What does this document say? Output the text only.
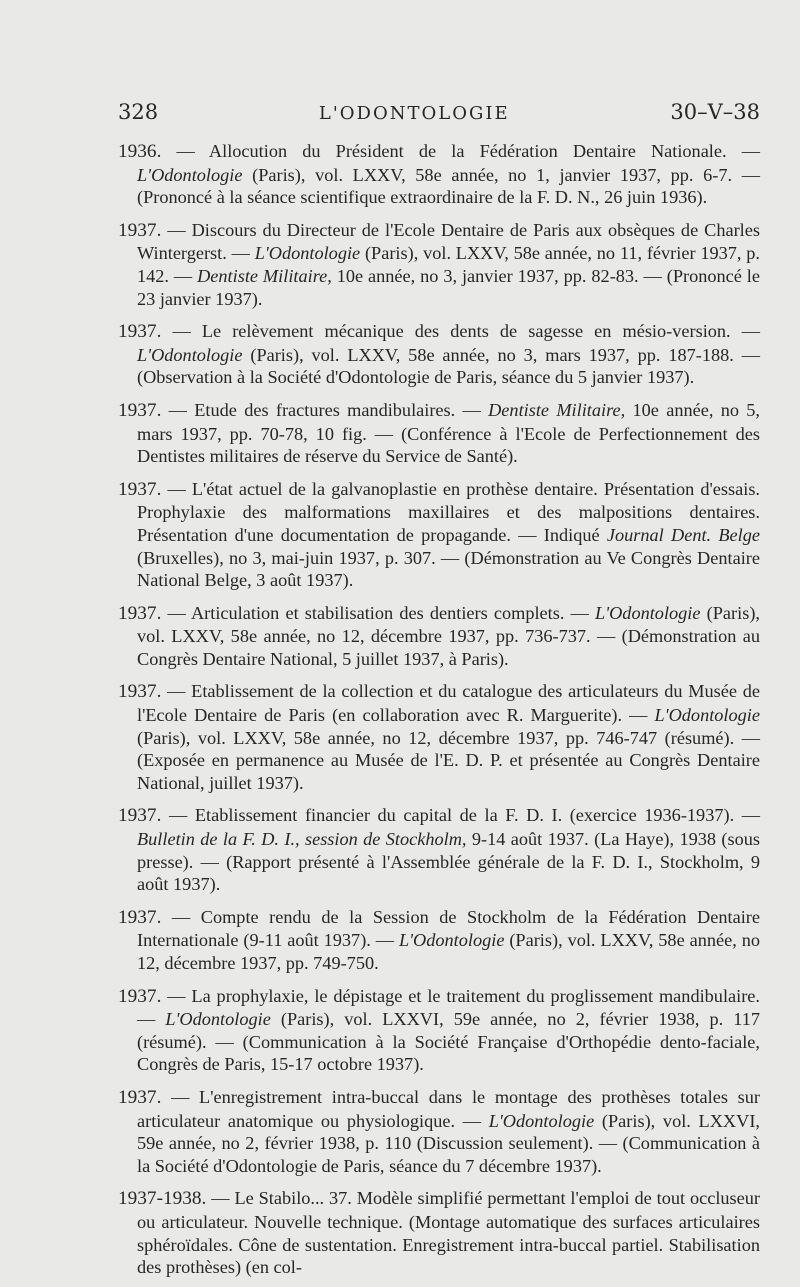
328	L'ODONTOLOGIE	30–V–38

1936. — Allocution du Président de la Fédération Dentaire Nationale. — L'Odontologie (Paris), vol. LXXV, 58e année, no 1, janvier 1937, pp. 6-7. — (Prononcé à la séance scientifique extraordinaire de la F. D. N., 26 juin 1936).

1937. — Discours du Directeur de l'Ecole Dentaire de Paris aux obsèques de Charles Wintergerst. — L'Odontologie (Paris), vol. LXXV, 58e année, no 11, février 1937, p. 142. — Dentiste Militaire, 10e année, no 3, janvier 1937, pp. 82-83. — (Prononcé le 23 janvier 1937).

1937. — Le relèvement mécanique des dents de sagesse en mésio-version. — L'Odontologie (Paris), vol. LXXV, 58e année, no 3, mars 1937, pp. 187-188. — (Observation à la Société d'Odontologie de Paris, séance du 5 janvier 1937).

1937. — Etude des fractures mandibulaires. — Dentiste Militaire, 10e année, no 5, mars 1937, pp. 70-78, 10 fig. — (Conférence à l'Ecole de Perfectionnement des Dentistes militaires de réserve du Service de Santé).

1937. — L'état actuel de la galvanoplastie en prothèse dentaire. Présentation d'essais. Prophylaxie des malformations maxillaires et des malpositions dentaires. Présentation d'une documentation de propagande. — Indiqué Journal Dent. Belge (Bruxelles), no 3, mai-juin 1937, p. 307. — (Démonstration au Ve Congrès Dentaire National Belge, 3 août 1937).

1937. — Articulation et stabilisation des dentiers complets. — L'Odontologie (Paris), vol. LXXV, 58e année, no 12, décembre 1937, pp. 736-737. — (Démonstration au Congrès Dentaire National, 5 juillet 1937, à Paris).

1937. — Etablissement de la collection et du catalogue des articulateurs du Musée de l'Ecole Dentaire de Paris (en collaboration avec R. Marguerite). — L'Odontologie (Paris), vol. LXXV, 58e année, no 12, décembre 1937, pp. 746-747 (résumé). — (Exposée en permanence au Musée de l'E. D. P. et présentée au Congrès Dentaire National, juillet 1937).

1937. — Etablissement financier du capital de la F. D. I. (exercice 1936-1937). — Bulletin de la F. D. I., session de Stockholm, 9-14 août 1937. (La Haye), 1938 (sous presse). — (Rapport présenté à l'Assemblée générale de la F. D. I., Stockholm, 9 août 1937).

1937. — Compte rendu de la Session de Stockholm de la Fédération Dentaire Internationale (9-11 août 1937). — L'Odontologie (Paris), vol. LXXV, 58e année, no 12, décembre 1937, pp. 749-750.

1937. — La prophylaxie, le dépistage et le traitement du proglissement mandibulaire. — L'Odontologie (Paris), vol. LXXVI, 59e année, no 2, février 1938, p. 117 (résumé). — (Communication à la Société Française d'Orthopédie dento-faciale, Congrès de Paris, 15-17 octobre 1937).

1937. — L'enregistrement intra-buccal dans le montage des prothèses totales sur articulateur anatomique ou physiologique. — L'Odontologie (Paris), vol. LXXVI, 59e année, no 2, février 1938, p. 110 (Discussion seulement). — (Communication à la Société d'Odontologie de Paris, séance du 7 décembre 1937).

1937-1938. — Le Stabilo... 37. Modèle simplifié permettant l'emploi de tout occluseur ou articulateur. Nouvelle technique. (Montage automatique des surfaces articulaires sphéroïdales. Cône de sustentation. Enregistrement intra-buccal partiel. Stabilisation des prothèses) (en col-
